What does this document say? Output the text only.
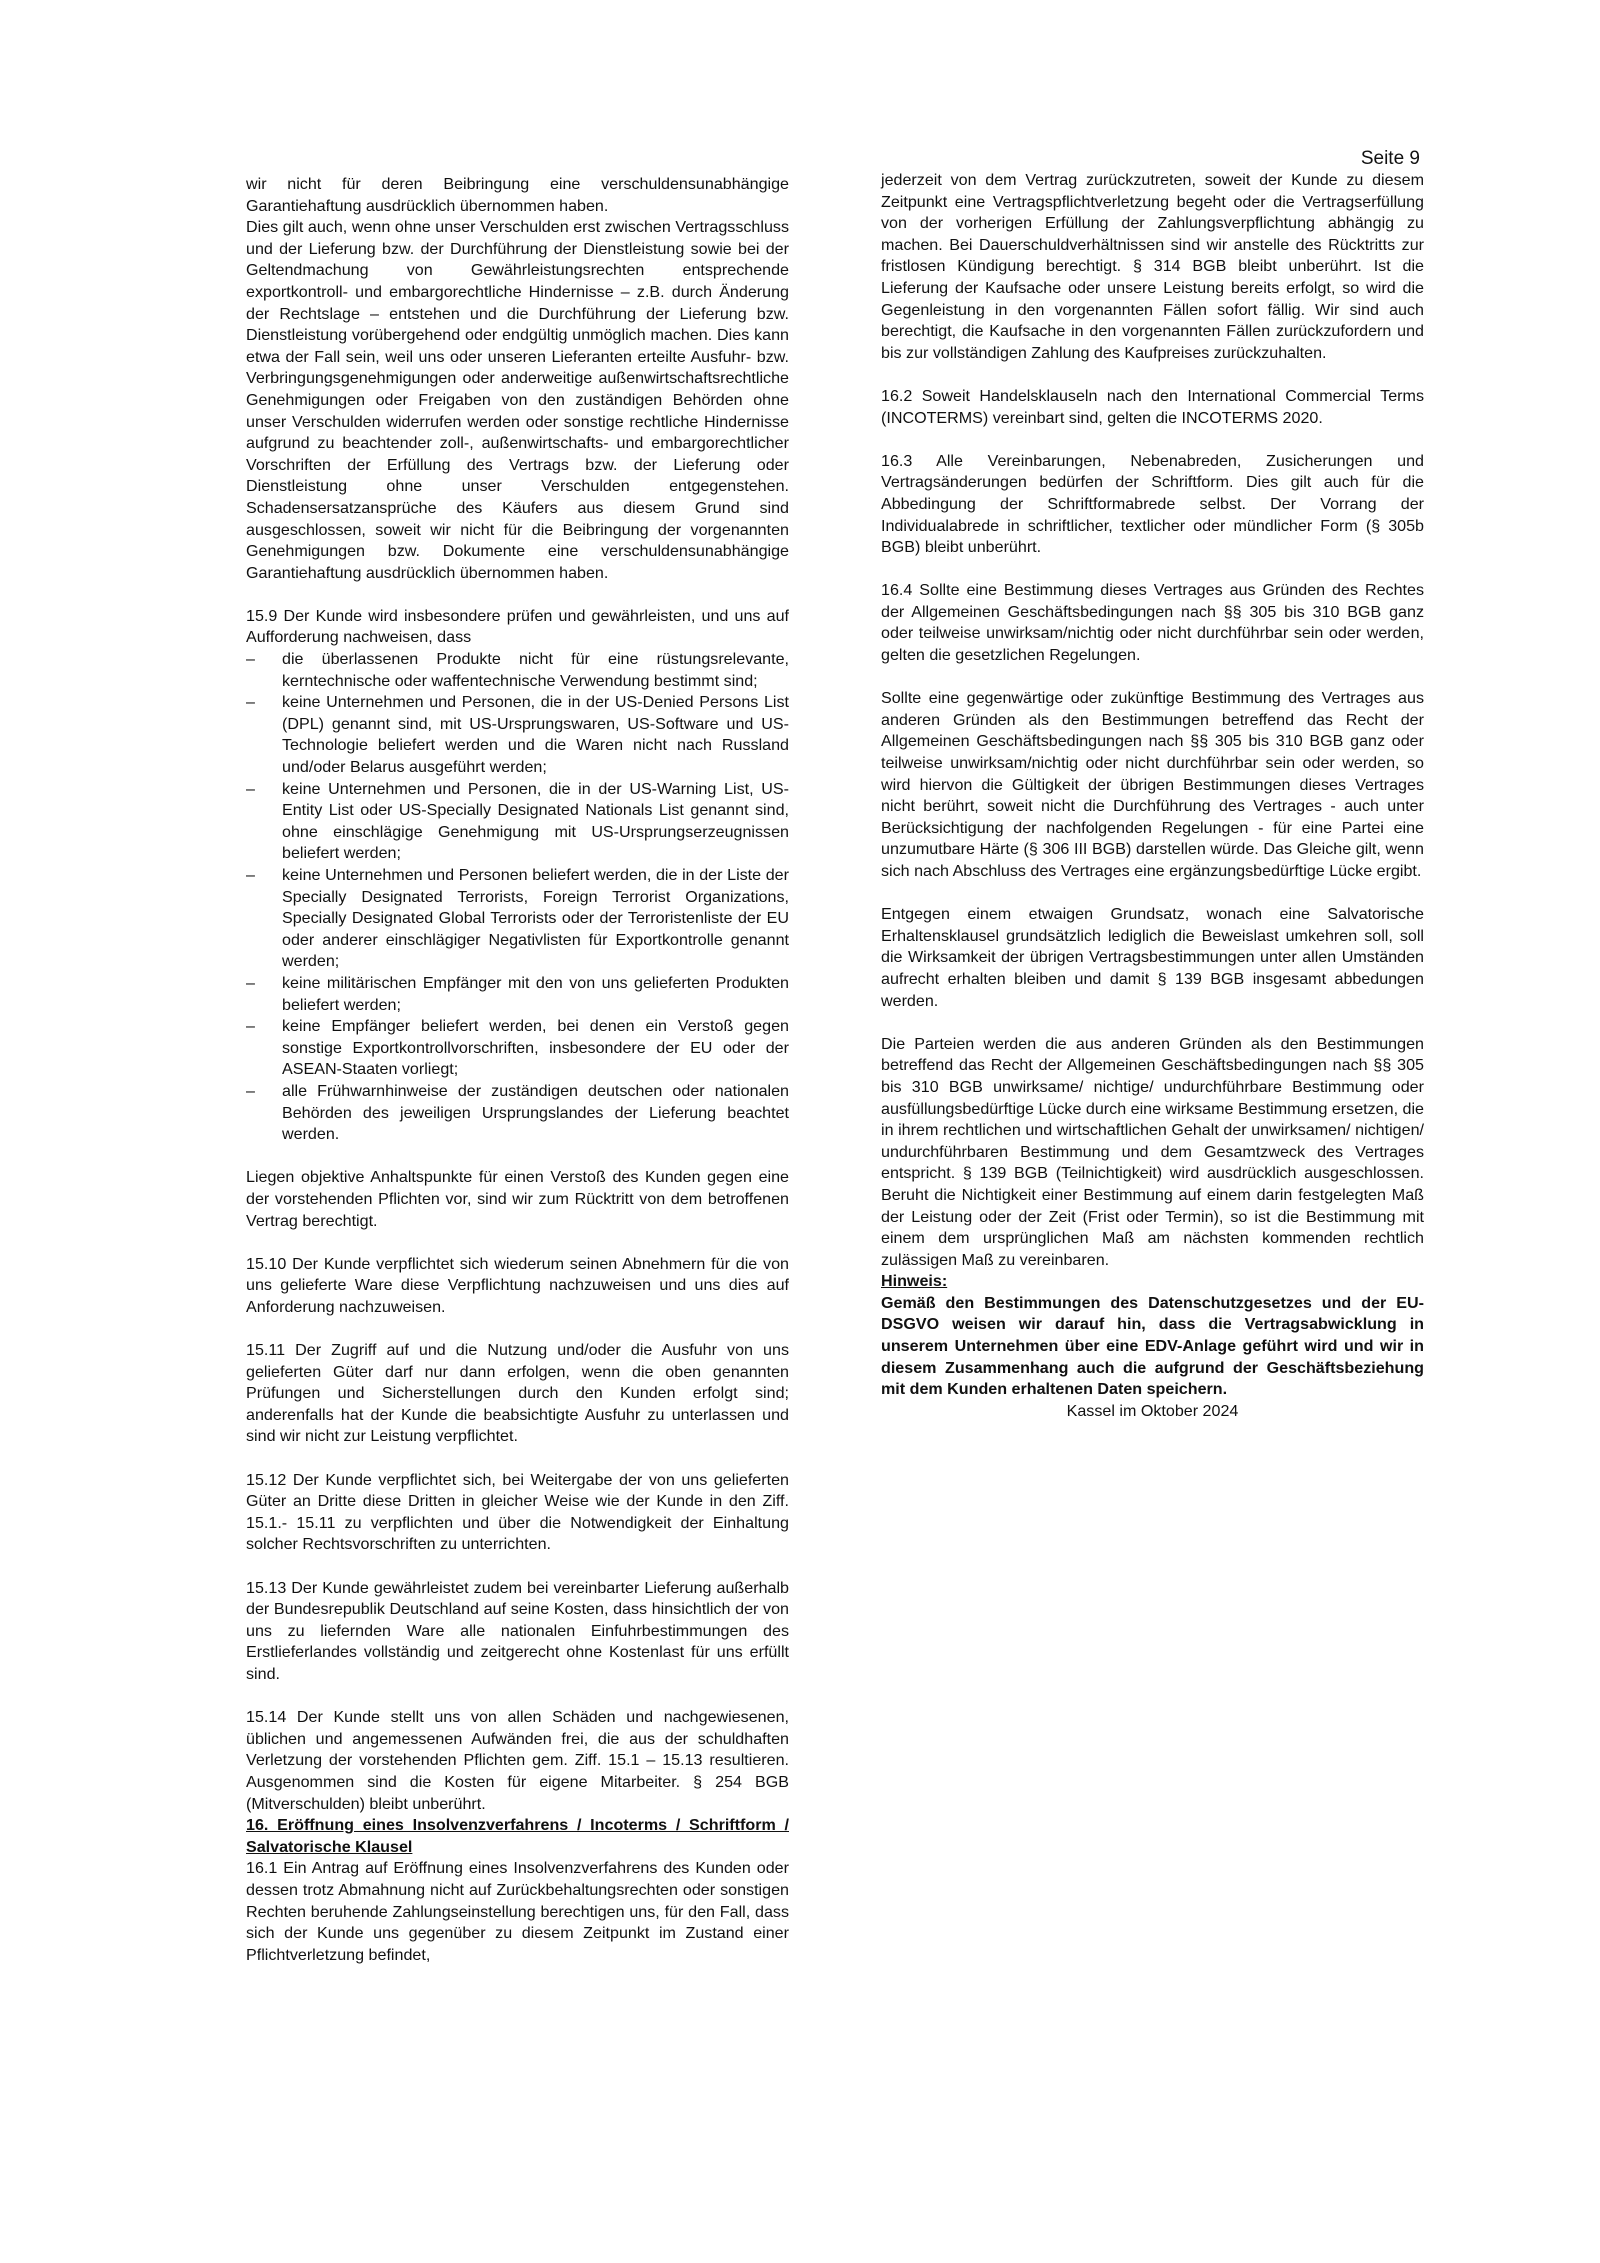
Seite 9

wir nicht für deren Beibringung eine verschuldensunabhängige Garantiehaftung ausdrücklich übernommen haben.

Dies gilt auch, wenn ohne unser Verschulden erst zwischen Vertragsschluss und der Lieferung bzw. der Durchführung der Dienstleistung sowie bei der Geltendmachung von Gewährleistungsrechten entsprechende exportkontroll- und embargorechtliche Hindernisse – z.B. durch Änderung der Rechtslage – entstehen und die Durchführung der Lieferung bzw. Dienstleistung vorübergehend oder endgültig unmöglich machen. Dies kann etwa der Fall sein, weil uns oder unseren Lieferanten erteilte Ausfuhr- bzw. Verbringungsgenehmigungen oder anderweitige außenwirtschaftsrechtliche Genehmigungen oder Freigaben von den zuständigen Behörden ohne unser Verschulden widerrufen werden oder sonstige rechtliche Hindernisse aufgrund zu beachtender zoll-, außenwirtschafts- und embargorechtlicher Vorschriften der Erfüllung des Vertrags bzw. der Lieferung oder Dienstleistung ohne unser Verschulden entgegenstehen. Schadensersatzansprüche des Käufers aus diesem Grund sind ausgeschlossen, soweit wir nicht für die Beibringung der vorgenannten Genehmigungen bzw. Dokumente eine verschuldensunabhängige Garantiehaftung ausdrücklich übernommen haben.

15.9 Der Kunde wird insbesondere prüfen und gewährleisten, und uns auf Aufforderung nachweisen, dass

– die überlassenen Produkte nicht für eine rüstungsrelevante, kerntechnische oder waffentechnische Verwendung bestimmt sind;
– keine Unternehmen und Personen, die in der US-Denied Persons List (DPL) genannt sind, mit US-Ursprungswaren, US-Software und US-Technologie beliefert werden und die Waren nicht nach Russland und/oder Belarus ausgeführt werden;
– keine Unternehmen und Personen, die in der US-Warning List, US-Entity List oder US-Specially Designated Nationals List genannt sind, ohne einschlägige Genehmigung mit US-Ursprungserzeugnissen beliefert werden;
– keine Unternehmen und Personen beliefert werden, die in der Liste der Specially Designated Terrorists, Foreign Terrorist Organizations, Specially Designated Global Terrorists oder der Terroristenliste der EU oder anderer einschlägiger Negativlisten für Exportkontrolle genannt werden;
– keine militärischen Empfänger mit den von uns gelieferten Produkten beliefert werden;
– keine Empfänger beliefert werden, bei denen ein Verstoß gegen sonstige Exportkontrollvorschriften, insbesondere der EU oder der ASEAN-Staaten vorliegt;
– alle Frühwarnhinweise der zuständigen deutschen oder nationalen Behörden des jeweiligen Ursprungslandes der Lieferung beachtet werden.

Liegen objektive Anhaltspunkte für einen Verstoß des Kunden gegen eine der vorstehenden Pflichten vor, sind wir zum Rücktritt von dem betroffenen Vertrag berechtigt.

15.10 Der Kunde verpflichtet sich wiederum seinen Abnehmern für die von uns gelieferte Ware diese Verpflichtung nachzuweisen und uns dies auf Anforderung nachzuweisen.

15.11 Der Zugriff auf und die Nutzung und/oder die Ausfuhr von uns gelieferten Güter darf nur dann erfolgen, wenn die oben genannten Prüfungen und Sicherstellungen durch den Kunden erfolgt sind; anderenfalls hat der Kunde die beabsichtigte Ausfuhr zu unterlassen und sind wir nicht zur Leistung verpflichtet.

15.12 Der Kunde verpflichtet sich, bei Weitergabe der von uns gelieferten Güter an Dritte diese Dritten in gleicher Weise wie der Kunde in den Ziff. 15.1.- 15.11 zu verpflichten und über die Notwendigkeit der Einhaltung solcher Rechtsvorschriften zu unterrichten.

15.13 Der Kunde gewährleistet zudem bei vereinbarter Lieferung außerhalb der Bundesrepublik Deutschland auf seine Kosten, dass hinsichtlich der von uns zu liefernden Ware alle nationalen Einfuhrbestimmungen des Erstlieferlandes vollständig und zeitgerecht ohne Kostenlast für uns erfüllt sind.

15.14 Der Kunde stellt uns von allen Schäden und nachgewiesenen, üblichen und angemessenen Aufwänden frei, die aus der schuldhaften Verletzung der vorstehenden Pflichten gem. Ziff. 15.1 – 15.13 resultieren. Ausgenommen sind die Kosten für eigene Mitarbeiter. § 254 BGB (Mitverschulden) bleibt unberührt.

16. Eröffnung eines Insolvenzverfahrens / Incoterms / Schriftform / Salvatorische Klausel

16.1 Ein Antrag auf Eröffnung eines Insolvenzverfahrens des Kunden oder dessen trotz Abmahnung nicht auf Zurückbehaltungsrechten oder sonstigen Rechten beruhende Zahlungseinstellung berechtigen uns, für den Fall, dass sich der Kunde uns gegenüber zu diesem Zeitpunkt im Zustand einer Pflichtverletzung befindet,

jederzeit von dem Vertrag zurückzutreten, soweit der Kunde zu diesem Zeitpunkt eine Vertragspflichtverletzung begeht oder die Vertragserfüllung von der vorherigen Erfüllung der Zahlungsverpflichtung abhängig zu machen. Bei Dauerschuldverhältnissen sind wir anstelle des Rücktritts zur fristlosen Kündigung berechtigt. § 314 BGB bleibt unberührt. Ist die Lieferung der Kaufsache oder unsere Leistung bereits erfolgt, so wird die Gegenleistung in den vorgenannten Fällen sofort fällig. Wir sind auch berechtigt, die Kaufsache in den vorgenannten Fällen zurückzufordern und bis zur vollständigen Zahlung des Kaufpreises zurückzuhalten.

16.2 Soweit Handelsklauseln nach den International Commercial Terms (INCOTERMS) vereinbart sind, gelten die INCOTERMS 2020.

16.3 Alle Vereinbarungen, Nebenabreden, Zusicherungen und Vertragsänderungen bedürfen der Schriftform. Dies gilt auch für die Abbedingung der Schriftformabrede selbst. Der Vorrang der Individualabrede in schriftlicher, textlicher oder mündlicher Form (§ 305b BGB) bleibt unberührt.

16.4 Sollte eine Bestimmung dieses Vertrages aus Gründen des Rechtes der Allgemeinen Geschäftsbedingungen nach §§ 305 bis 310 BGB ganz oder teilweise unwirksam/nichtig oder nicht durchführbar sein oder werden, gelten die gesetzlichen Regelungen.

Sollte eine gegenwärtige oder zukünftige Bestimmung des Vertrages aus anderen Gründen als den Bestimmungen betreffend das Recht der Allgemeinen Geschäftsbedingungen nach §§ 305 bis 310 BGB ganz oder teilweise unwirksam/nichtig oder nicht durchführbar sein oder werden, so wird hiervon die Gültigkeit der übrigen Bestimmungen dieses Vertrages nicht berührt, soweit nicht die Durchführung des Vertrages - auch unter Berücksichtigung der nachfolgenden Regelungen - für eine Partei eine unzumutbare Härte (§ 306 III BGB) darstellen würde. Das Gleiche gilt, wenn sich nach Abschluss des Vertrages eine ergänzungsbedürftige Lücke ergibt.

Entgegen einem etwaigen Grundsatz, wonach eine Salvatorische Erhaltensklausel grundsätzlich lediglich die Beweislast umkehren soll, soll die Wirksamkeit der übrigen Vertragsbestimmungen unter allen Umständen aufrecht erhalten bleiben und damit § 139 BGB insgesamt abbedungen werden.

Die Parteien werden die aus anderen Gründen als den Bestimmungen betreffend das Recht der Allgemeinen Geschäftsbedingungen nach §§ 305 bis 310 BGB unwirksame/ nichtige/ undurchführbare Bestimmung oder ausfüllungsbedürftige Lücke durch eine wirksame Bestimmung ersetzen, die in ihrem rechtlichen und wirtschaftlichen Gehalt der unwirksamen/ nichtigen/ undurchführbaren Bestimmung und dem Gesamtzweck des Vertrages entspricht. § 139 BGB (Teilnichtigkeit) wird ausdrücklich ausgeschlossen. Beruht die Nichtigkeit einer Bestimmung auf einem darin festgelegten Maß der Leistung oder der Zeit (Frist oder Termin), so ist die Bestimmung mit einem dem ursprünglichen Maß am nächsten kommenden rechtlich zulässigen Maß zu vereinbaren.

Hinweis:

Gemäß den Bestimmungen des Datenschutzgesetzes und der EU-DSGVO weisen wir darauf hin, dass die Vertragsabwicklung in unserem Unternehmen über eine EDV-Anlage geführt wird und wir in diesem Zusammenhang auch die aufgrund der Geschäftsbeziehung mit dem Kunden erhaltenen Daten speichern.

Kassel im Oktober 2024
